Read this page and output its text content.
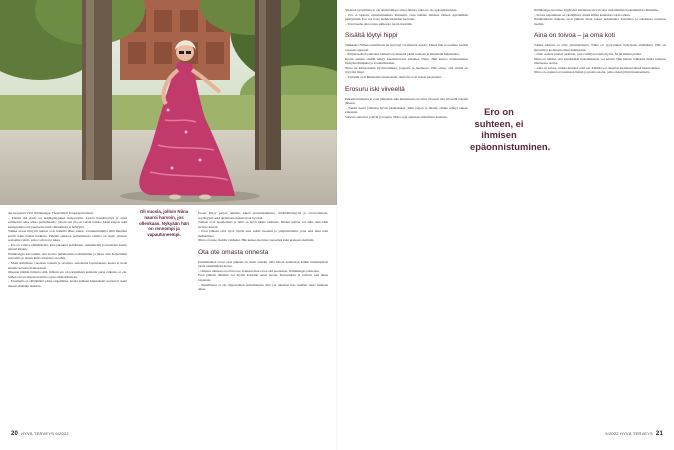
nut terapeutti Viivi Nätinkangas Väestöliiton Terapiapalveluista.

– Yleisin ikä erolle on neljäkymppinen tienpystyllä. Lasten itsenäistyttyä ja arjen rutiineissa tulee aikaa parisuhteelle, jolloin sen tila on varsin tarkka. Moni kaipaa sekä kumppanilta että puolisolta lisää välittämistä ja hellyyttä.

Vaikka eroon liittyvät tunteet ovat kaikilla lähes samat, varttuneemmilla tällä muuttuu peräti arjen lisäksi harkinta. Pitkään samassa parisuhteessa olleilla on usein yhteiset sosiaaliset piirit, jotka voivat ero jakaa.

– Ero on valtava elämänkriisi, joka jakautuu pohdinnan, suunnittelun ja tunteiden kautta uuteen alkuun.

Nätinkangas toivoisikin, että eroista puhuttaisiin avoimemmin ja tukea olisi helpommin saatavilla jo ennen kuin ratkaisuja on tehty.

– Moni tiimittelee vuodesta toiseen ja savuttaa, sanomatta lapsistakaan, koska ei tiedä kenelle kertoisi tilanteestaan.

Oikeaan mitään mittaria siitä, milloin ero on parisuhteen kannalta paras ratkaisu, ei ole. Siihen on tarvittaessa haettava apua ammattilaiselta.

– Eroamalla ei välttämättä pääse ongelmista, koska suhteen kipukohdat seuraavat usein uuteen elämään mukana.

Oli vuosia, jolloin Niina nauroi harvoin, jos ollenkaan. Nykyään hän on rennompi ja vapautuneempi.

Eroon liittyy paljon tunteita, kuten epäonnistumista, riittämättömyyttä ja arvottomuutta, syyllisyyttä sekä ahdistusta menetetystä hyvästä.

Tunteet ovat luonnollisia ja niitä on hyvä tutkia rauhassa. Niiden kanssa voi elää, eikä niitä tarvitse hävetä.

– Eron jälkeen olisi hyvä löytää uusi suhde itseensä ja ympäristöönsä, jotta uusi alku olisi mahdollista.

Niina ei tunne itseään vanhaksi. Hän kokee olevansa vapaampi kuin koskaan aiemmin.

Ota ote omasta onnesta

Ensimmäinen vuosi eron jälkeen on usein raskain, sillä silloin kohdataan kaikki merkkipäivät yksin ensimmäistä kertaa.

– Omassa onnessa on oltava ote. Kukaan muu ei tee sitä puolestasi, Nätinkangas painottaa.

Eron jälkeen ihminen voi löytää itsestään uusia puolia, harrastuksia ja ystäviä, kun aikaa vapautuu.

– Onnellisuus ei ole riippuvainen parisuhteesta. Sitä voi rakentaa itse, kunhan antaa itselleen aikaa.

Yhdessä pysyminen ei ole onnistumisen ainoa mittari, eikä ero ole epäonnistumista.

– Ero ei tarkoita epäonnistumista ihmisenä, vaan kahden ihmisen välisen dynamiikan päättymistä. Ero voi avata mahdollisuuden kasvuun.

– Tavoitteena olisi oppia suhteesta jotain itsestään.

Sisältä löytyi hippi

Sinikkuna Niinan onnellisuus on löytynyt tavallisesta arjesta. Ennen hän ei osannut nauttia vapaasta ajastaan.

– Perjantai-illan parhaana hetkenä on menettä yksin saunaan ja kuunnella hiljaisuutta.

Koulu seinien sisällä näkyy huomattavasti erilainen Niina. Hän kertoo muuttuneensa hymyilevämmäksi ja avoimemmaksi.

Niina on kiinnostunut hyvinvoinnista, joogasta ja luonnosta. Hän sanoo, että sisältä on löytynyt hippi.

– Ystäväni ovat ihmetelleet muutostani, mutta he ovat iloisia puolestani.

Erosuru iski viiveellä

Pelkkää hurmosta ei eron jälkeinen aika kuitenkaan ole ollut. Erosuru iski viiveellä vuoden jälkeen.

– Tunsin itseni yllättäen hyvin yksinäiseksi. Itkin paljon ja mietin, olinko tehnyt oikean ratkaisun.

Surussa auttoivat ystävät ja terapia. Niina oppi olemaan armollinen itselleen.	Ero on suhteen, ei ihmisen epäonnistuminen.

Nätinkangas kuvailee hyljätyksi tulemisen olevan yksi raskaimmista kokemuksista ihmiselle.

– Erosta toipuminen on yksilöllistä, mutta siihen kannattaa varata aikaa.

Nätinkankaan mukaan eron jälkeen moni kokee kohonnutta itsetuntoa ja uskallusta toteuttaa itseään.

Aina on toivoa – ja oma koti

Vaikka kallesta ei ollut ystäväperhettä, Niina on tyytyväinen nykyiseen elämäänsä. Hän on järjestänyt kodistaan oman näköisensä.

– Olen ostanut pienen asunnon, jossa viihdyn todella hyvin. Se on minun pesäni.

Niina on nähnyt, että kipeästäkin kokemuksesta voi selvitä. Hän haluaa rohkaista muita samassa tilanteessa olevia.

– Aina on toivoa, vaikka tuntuisi, ettei ole. Elämää voi rakentaa uudelleen missä iässä tahansa.

Niina on oppinut arvostamaan hetkiä ja pieniä asioita, jotka ennen jäivät huomaamatta.

20 HYVÄ TERVEYS 9/2022	9/2022 HYVÄ TERVEYS 21
